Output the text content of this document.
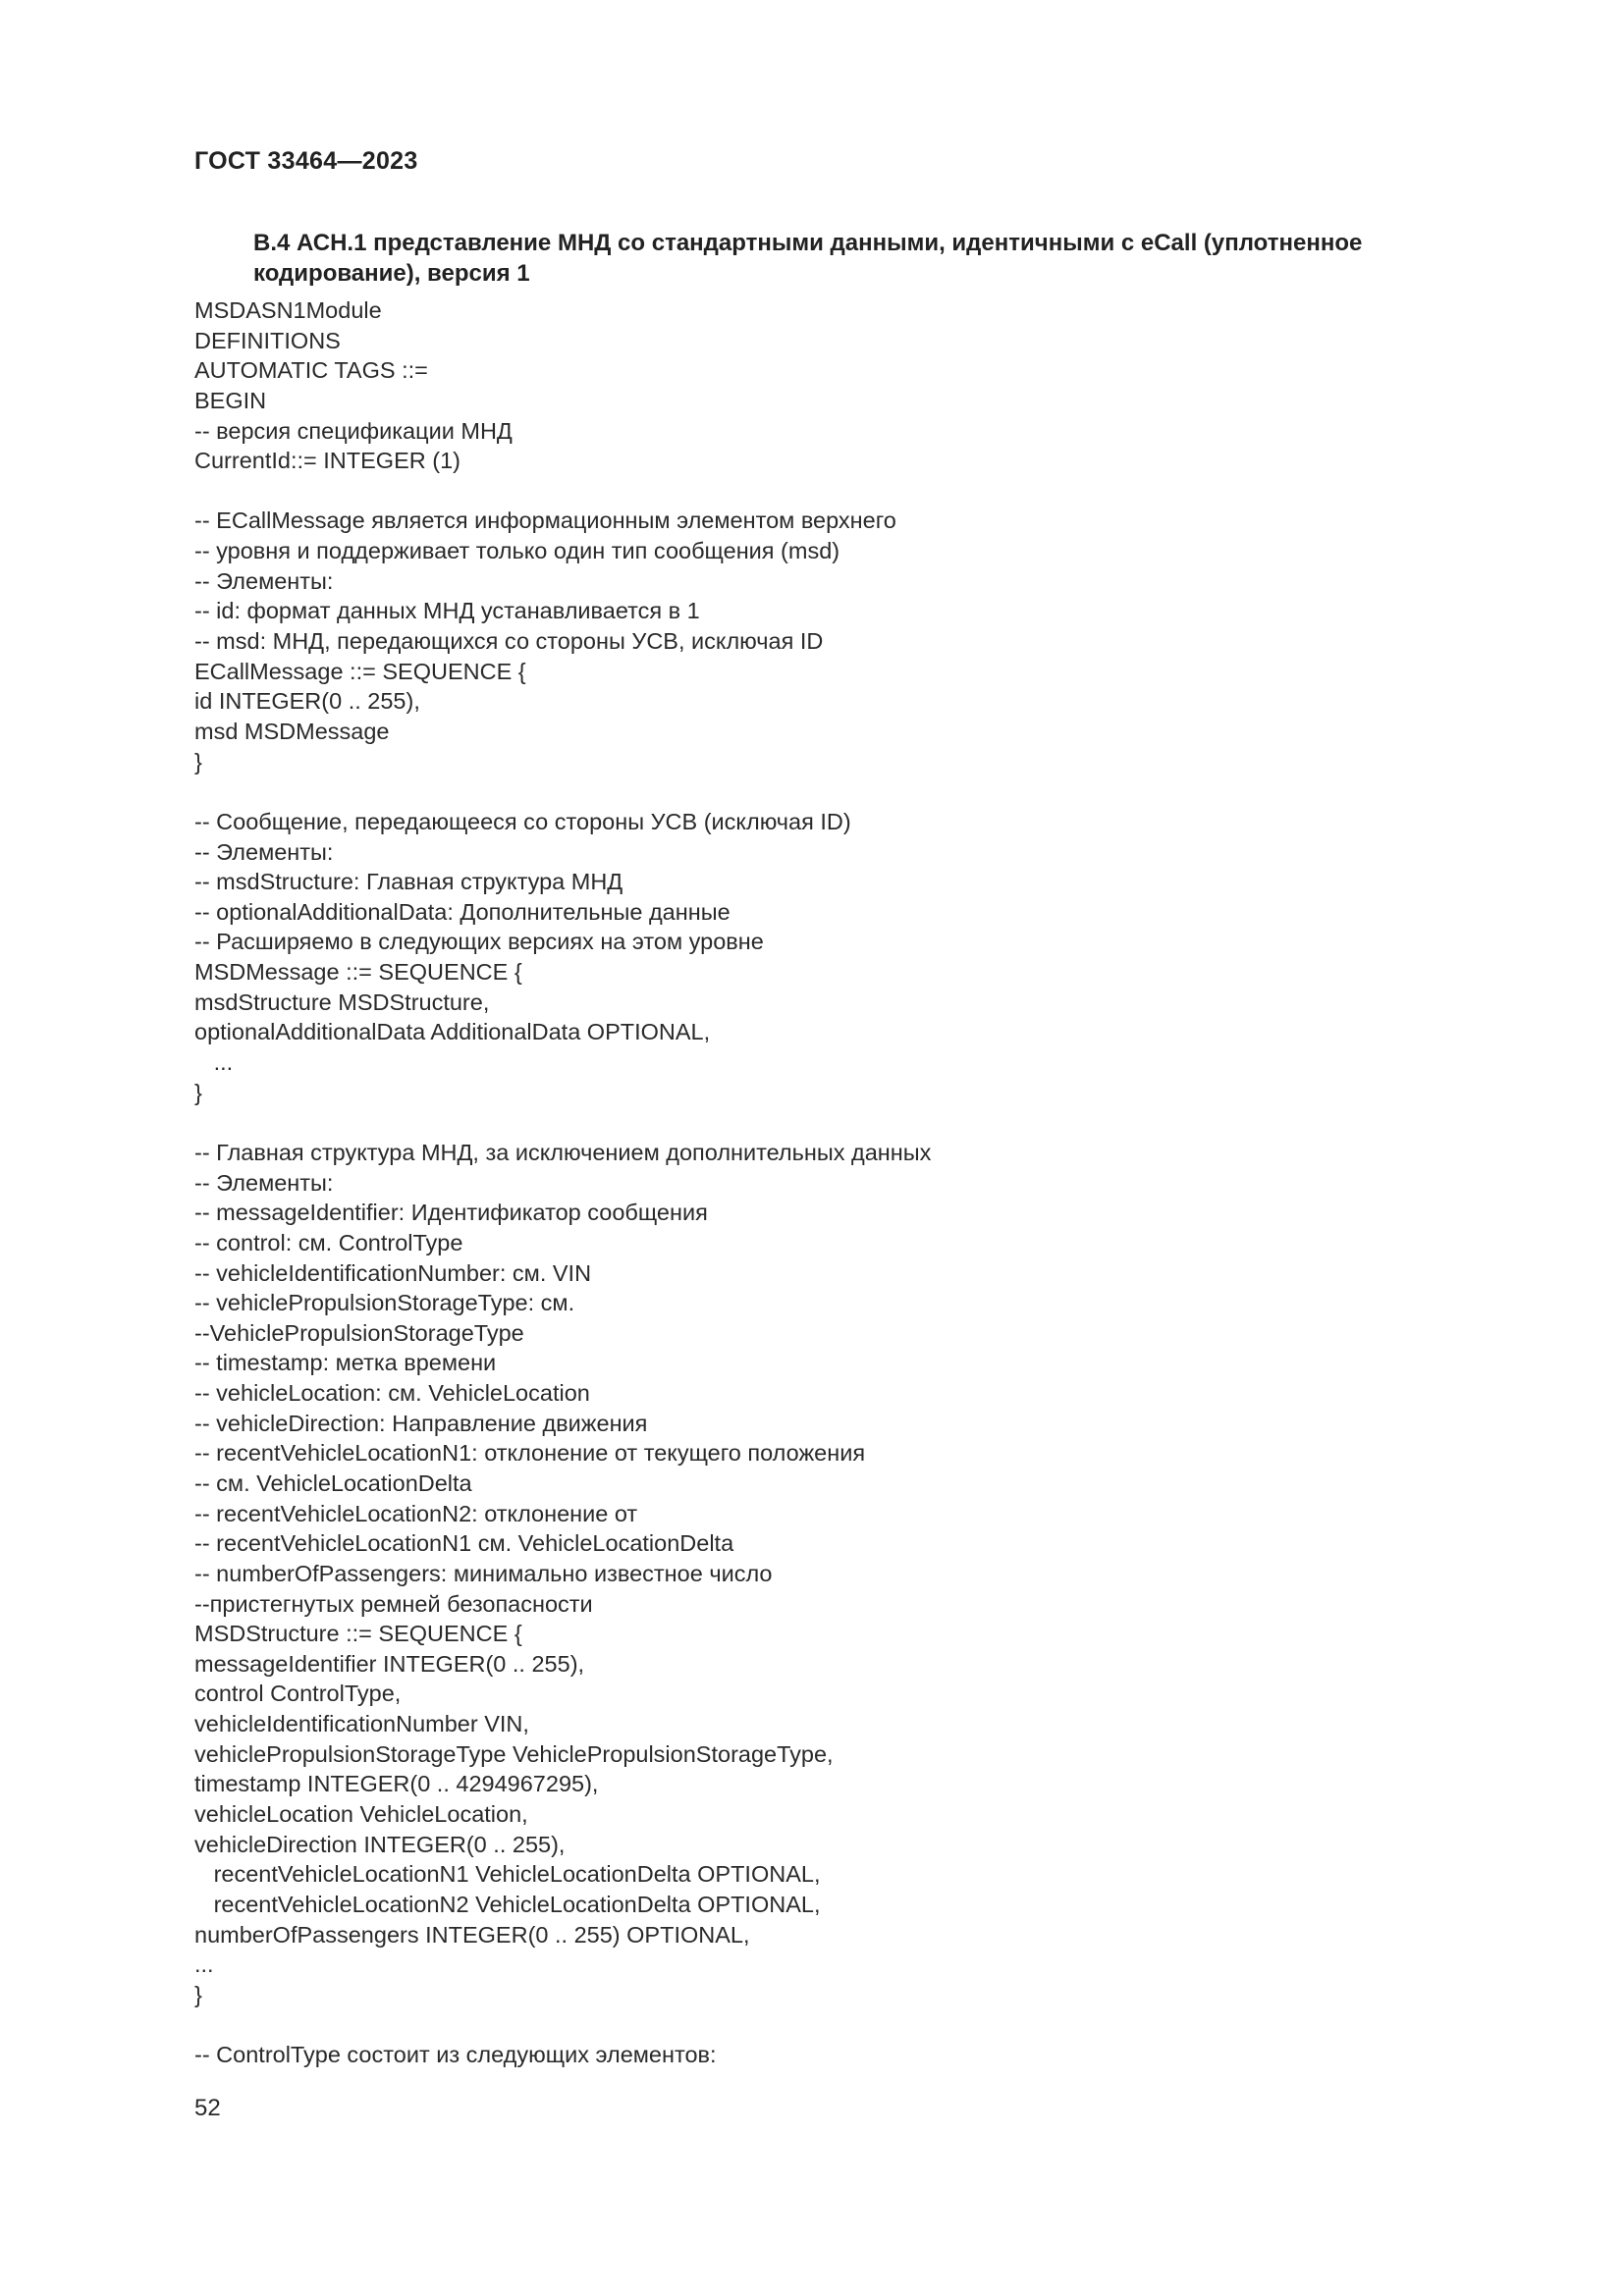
ГОСТ 33464—2023
В.4 АСН.1 представление МНД со стандартными данными, идентичными с eCall (уплотненное кодирование), версия 1
MSDASN1Module
DEFINITIONS
AUTOMATIC TAGS ::=
BEGIN
-- версия спецификации МНД
CurrentId::= INTEGER (1)
-- ECallMessage является информационным элементом верхнего
-- уровня и поддерживает только один тип сообщения (msd)
-- Элементы:
-- id: формат данных МНД устанавливается в 1
-- msd: МНД, передающихся со стороны УСВ, исключая ID
ECallMessage ::= SEQUENCE {
id INTEGER(0 .. 255),
msd MSDMessage
}
-- Сообщение, передающееся со стороны УСВ (исключая ID)
-- Элементы:
-- msdStructure: Главная структура МНД
-- optionalAdditionalData: Дополнительные данные
-- Расширяемо в следующих версиях на этом уровне
MSDMessage ::= SEQUENCE {
msdStructure MSDStructure,
optionalAdditionalData AdditionalData OPTIONAL,
...
}
-- Главная структура МНД, за исключением дополнительных данных
-- Элементы:
-- messageIdentifier: Идентификатор сообщения
-- control: см. ControlType
-- vehicleIdentificationNumber: см. VIN
-- vehiclePropulsionStorageType: см.
--VehiclePropulsionStorageType
-- timestamp: метка времени
-- vehicleLocation: см. VehicleLocation
-- vehicleDirection: Направление движения
-- recentVehicleLocationN1: отклонение от текущего положения
-- см. VehicleLocationDelta
-- recentVehicleLocationN2: отклонение от
-- recentVehicleLocationN1 см. VehicleLocationDelta
-- numberOfPassengers: минимально известное число
--пристегнутых ремней безопасности
MSDStructure ::= SEQUENCE {
messageIdentifier INTEGER(0 .. 255),
control ControlType,
vehicleIdentificationNumber VIN,
vehiclePropulsionStorageType VehiclePropulsionStorageType,
timestamp INTEGER(0 .. 4294967295),
vehicleLocation VehicleLocation,
vehicleDirection INTEGER(0 .. 255),
recentVehicleLocationN1 VehicleLocationDelta OPTIONAL,
recentVehicleLocationN2 VehicleLocationDelta OPTIONAL,
numberOfPassengers INTEGER(0 .. 255) OPTIONAL,
...
}
-- ControlType состоит из следующих элементов:
52
